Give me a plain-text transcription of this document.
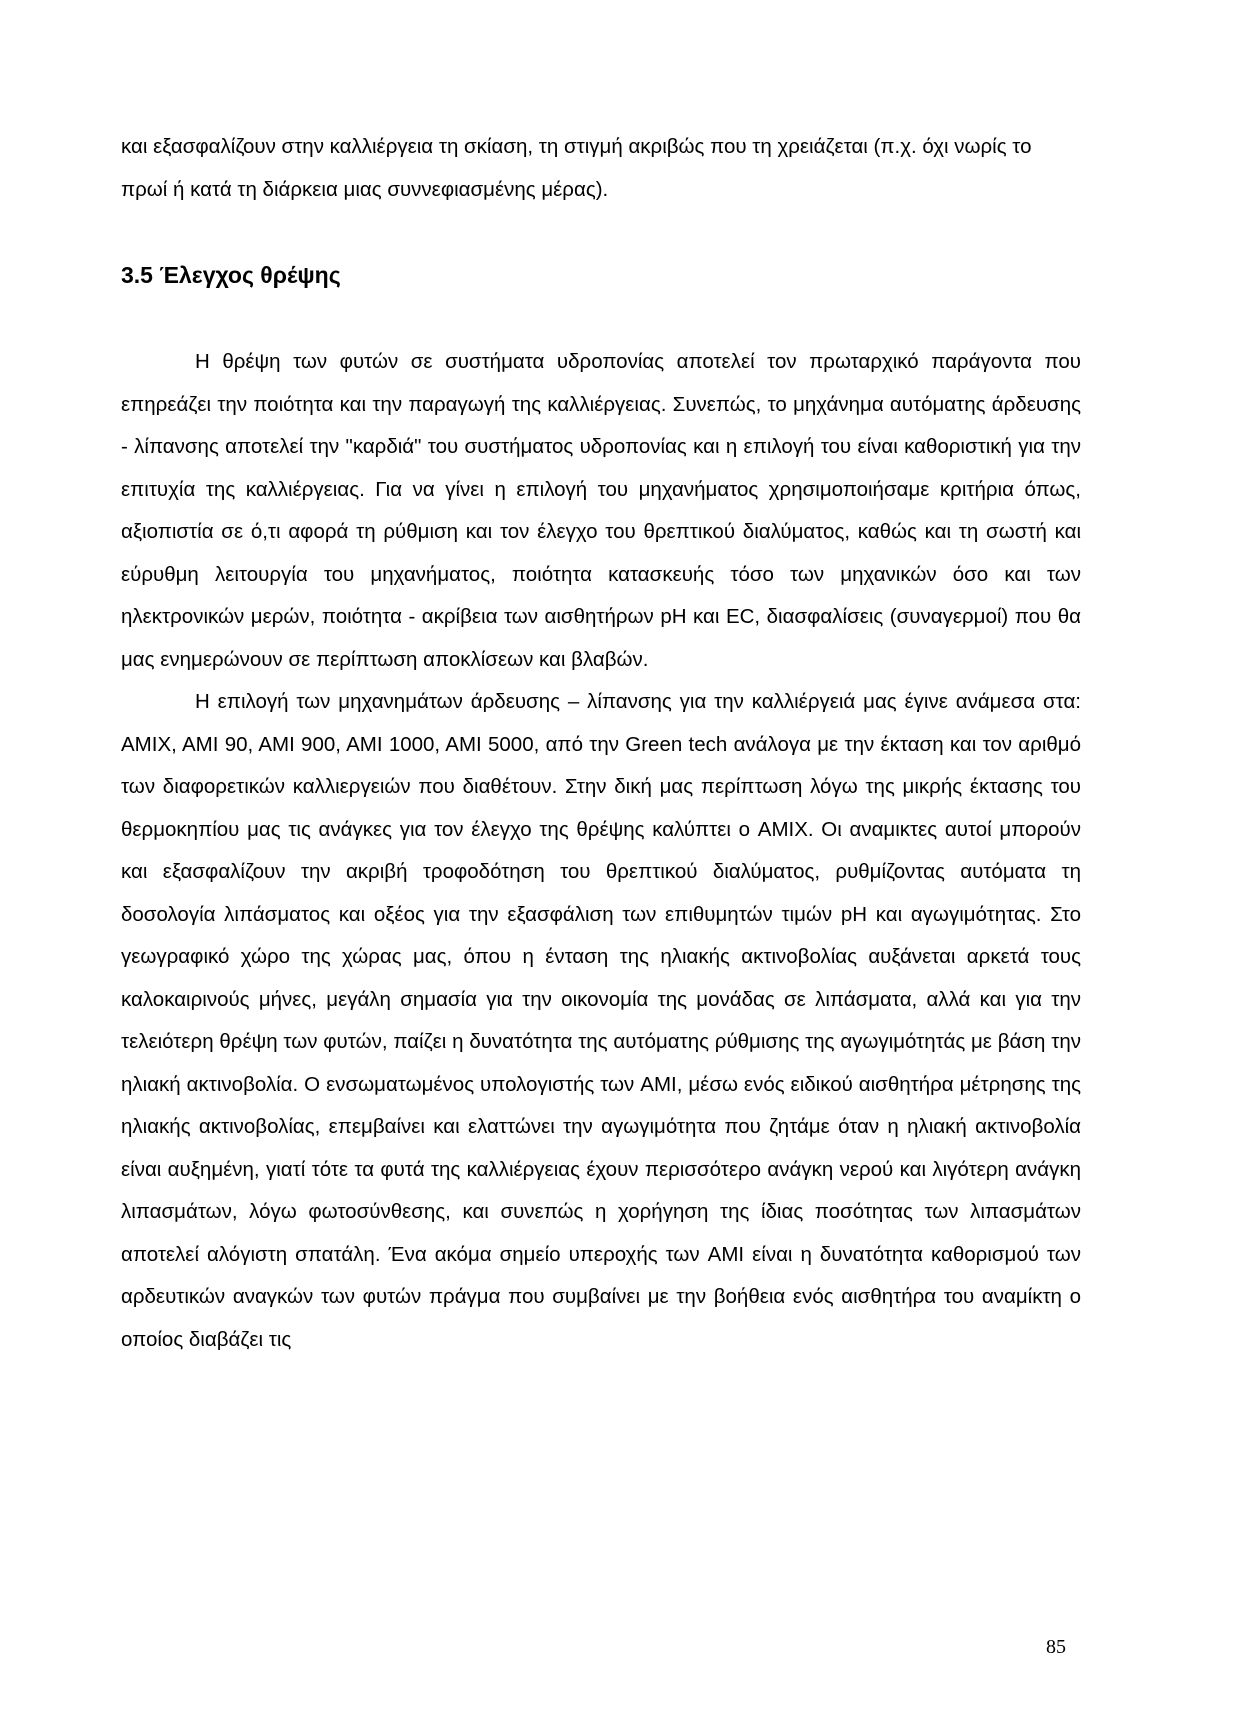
και εξασφαλίζουν στην καλλιέργεια τη σκίαση, τη στιγμή ακριβώς που τη χρειάζεται (π.χ. όχι νωρίς το πρωί ή κατά τη διάρκεια μιας συννεφιασμένης μέρας).
3.5 Έλεγχος θρέψης

Η θρέψη των φυτών σε συστήματα υδροπονίας αποτελεί τον πρωταρχικό παράγοντα που επηρεάζει την ποιότητα και την παραγωγή της καλλιέργειας. Συνεπώς, το μηχάνημα αυτόματης άρδευσης - λίπανσης αποτελεί την "καρδιά" του συστήματος υδροπονίας και η επιλογή του είναι καθοριστική για την επιτυχία της καλλιέργειας. Για να γίνει η επιλογή του μηχανήματος χρησιμοποιήσαμε κριτήρια όπως, αξιοπιστία σε ό,τι αφορά τη ρύθμιση και τον έλεγχο του θρεπτικού διαλύματος, καθώς και τη σωστή και εύρυθμη λειτουργία του μηχανήματος, ποιότητα κατασκευής τόσο των μηχανικών όσο και των ηλεκτρονικών μερών, ποιότητα - ακρίβεια των αισθητήρων pH και EC, διασφαλίσεις (συναγερμοί) που θα μας ενημερώνουν σε περίπτωση αποκλίσεων και βλαβών.

Η επιλογή των μηχανημάτων άρδευσης – λίπανσης για την καλλιέργειά μας έγινε ανάμεσα στα: AMIX, AMI 90, AMI 900, AMI 1000, AMI 5000, από την Green tech ανάλογα με την έκταση και τον αριθμό των διαφορετικών καλλιεργειών που διαθέτουν. Στην δική μας περίπτωση λόγω της μικρής έκτασης του θερμοκηπίου μας τις ανάγκες για τον έλεγχο της θρέψης καλύπτει ο AMIX. Οι αναμικτες αυτοί μπορούν και εξασφαλίζουν την ακριβή τροφοδότηση του θρεπτικού διαλύματος, ρυθμίζοντας αυτόματα τη δοσολογία λιπάσματος και οξέος για την εξασφάλιση των επιθυμητών τιμών pH και αγωγιμότητας. Στο γεωγραφικό χώρο της χώρας μας, όπου η ένταση της ηλιακής ακτινοβολίας αυξάνεται αρκετά τους καλοκαιρινούς μήνες, μεγάλη σημασία για την οικονομία της μονάδας σε λιπάσματα, αλλά και για την τελειότερη θρέψη των φυτών, παίζει η δυνατότητα της αυτόματης ρύθμισης της αγωγιμότητάς με βάση την ηλιακή ακτινοβολία. Ο ενσωματωμένος υπολογιστής των AMI, μέσω ενός ειδικού αισθητήρα μέτρησης της ηλιακής ακτινοβολίας, επεμβαίνει και ελαττώνει την αγωγιμότητα που ζητάμε όταν η ηλιακή ακτινοβολία είναι αυξημένη, γιατί τότε τα φυτά της καλλιέργειας έχουν περισσότερο ανάγκη νερού και λιγότερη ανάγκη λιπασμάτων, λόγω φωτοσύνθεσης, και συνεπώς η χορήγηση της ίδιας ποσότητας των λιπασμάτων αποτελεί αλόγιστη σπατάλη. Ένα ακόμα σημείο υπεροχής των AMI είναι η δυνατότητα καθορισμού των αρδευτικών αναγκών των φυτών πράγμα που συμβαίνει με την βοήθεια ενός αισθητήρα του αναμίκτη ο οποίος διαβάζει τις

85
